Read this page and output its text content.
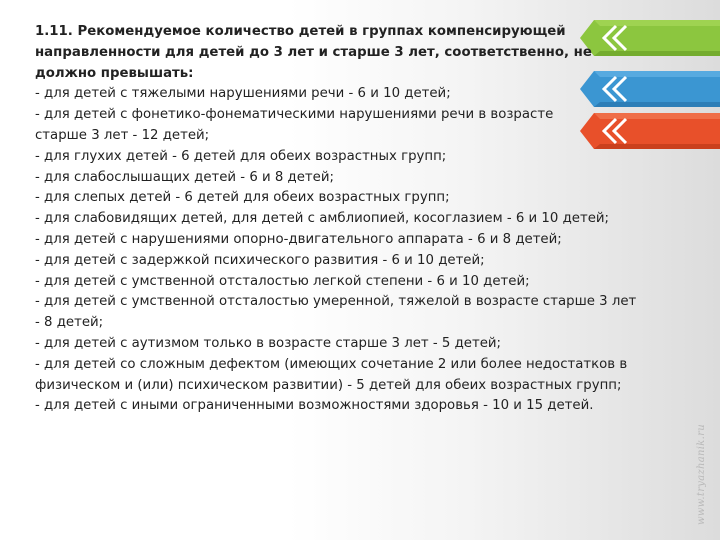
1.11. Рекомендуемое количество детей в группах компенсирующей направленности для детей до 3 лет и старше 3 лет, соответственно, не должно превышать:

- для детей с тяжелыми нарушениями речи - 6 и 10 детей;

- для детей с фонетико-фонематическими нарушениями речи в возрасте старше 3 лет - 12 детей;

- для глухих детей - 6 детей для обеих возрастных групп;

- для слабослышащих детей - 6 и 8 детей;

- для слепых детей - 6 детей для обеих возрастных групп;

- для слабовидящих детей, для детей с амблиопией, косоглазием - 6 и 10 детей;

- для детей с нарушениями опорно-двигательного аппарата - 6 и 8 детей;

- для детей с задержкой психического развития - 6 и 10 детей;

- для детей с умственной отсталостью легкой степени - 6 и 10 детей;

- для детей с умственной отсталостью умеренной, тяжелой в возрасте старше 3 лет - 8 детей;

- для детей с аутизмом только в возрасте старше 3 лет - 5 детей;

- для детей со сложным дефектом (имеющих сочетание 2 или более недостатков в физическом и (или) психическом развитии) - 5 детей для обеих возрастных групп;

- для детей с иными ограниченными возможностями здоровья - 10 и 15 детей.

www.tryazhanik.ru
